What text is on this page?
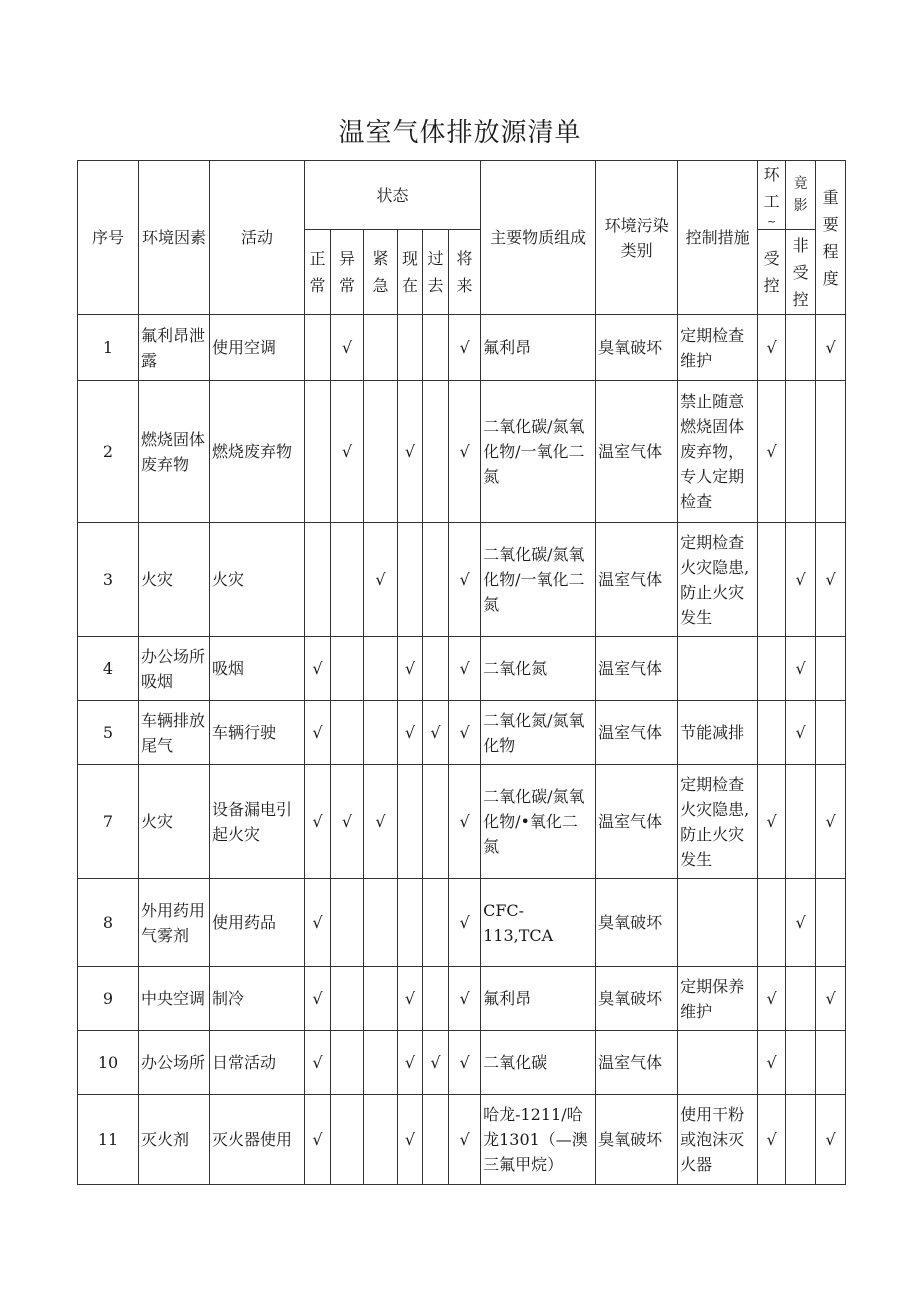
温室气体排放源清单
序号	环境因素	活动	状态						主要物质组成	环境污染类别	控制措施	环工
~	竟影	重要程度
			正常	异常	紧急	现在	过去	将来				受控	非受控	
1	氟利昂泄露	使用空调		√				√	氟利昂	臭氧破坏	定期检查维护	√		√
2	燃烧固体废弃物	燃烧废弃物		√		√		√	二氧化碳/氮氧化物/一氧化二氮	温室气体	禁止随意燃烧固体废弃物，专人定期检查	√		
3	火灾	火灾			√			√	二氧化碳/氮氧化物/一氧化二氮	温室气体	定期检查火灾隐患,防止火灾发生		√	√
4	办公场所吸烟	吸烟	√			√		√	二氧化氮	温室气体			√	
5	车辆排放尾气	车辆行驶	√			√	√	√	二氧化氮/氮氧化物	温室气体	节能减排		√	
7	火灾	设备漏电引起火灾	√	√	√			√	二氧化碳/氮氧化物/•氧化二氮	温室气体	定期检查火灾隐患,防止火灾发生	√		√
8	外用药用气雾剂	使用药品	√					√	CFC-113,TCA	臭氧破坏			√	
9	中央空调	制冷	√			√		√	氟利昂	臭氧破坏	定期保养维护	√		√
10	办公场所	日常活动	√			√	√	√	二氧化碳	温室气体		√		
11	灭火剂	灭火器使用	√			√		√	哈龙-1211/哈龙1301（—澳三氟甲烷）	臭氧破坏	使用干粉或泡沫灭火器	√		√
